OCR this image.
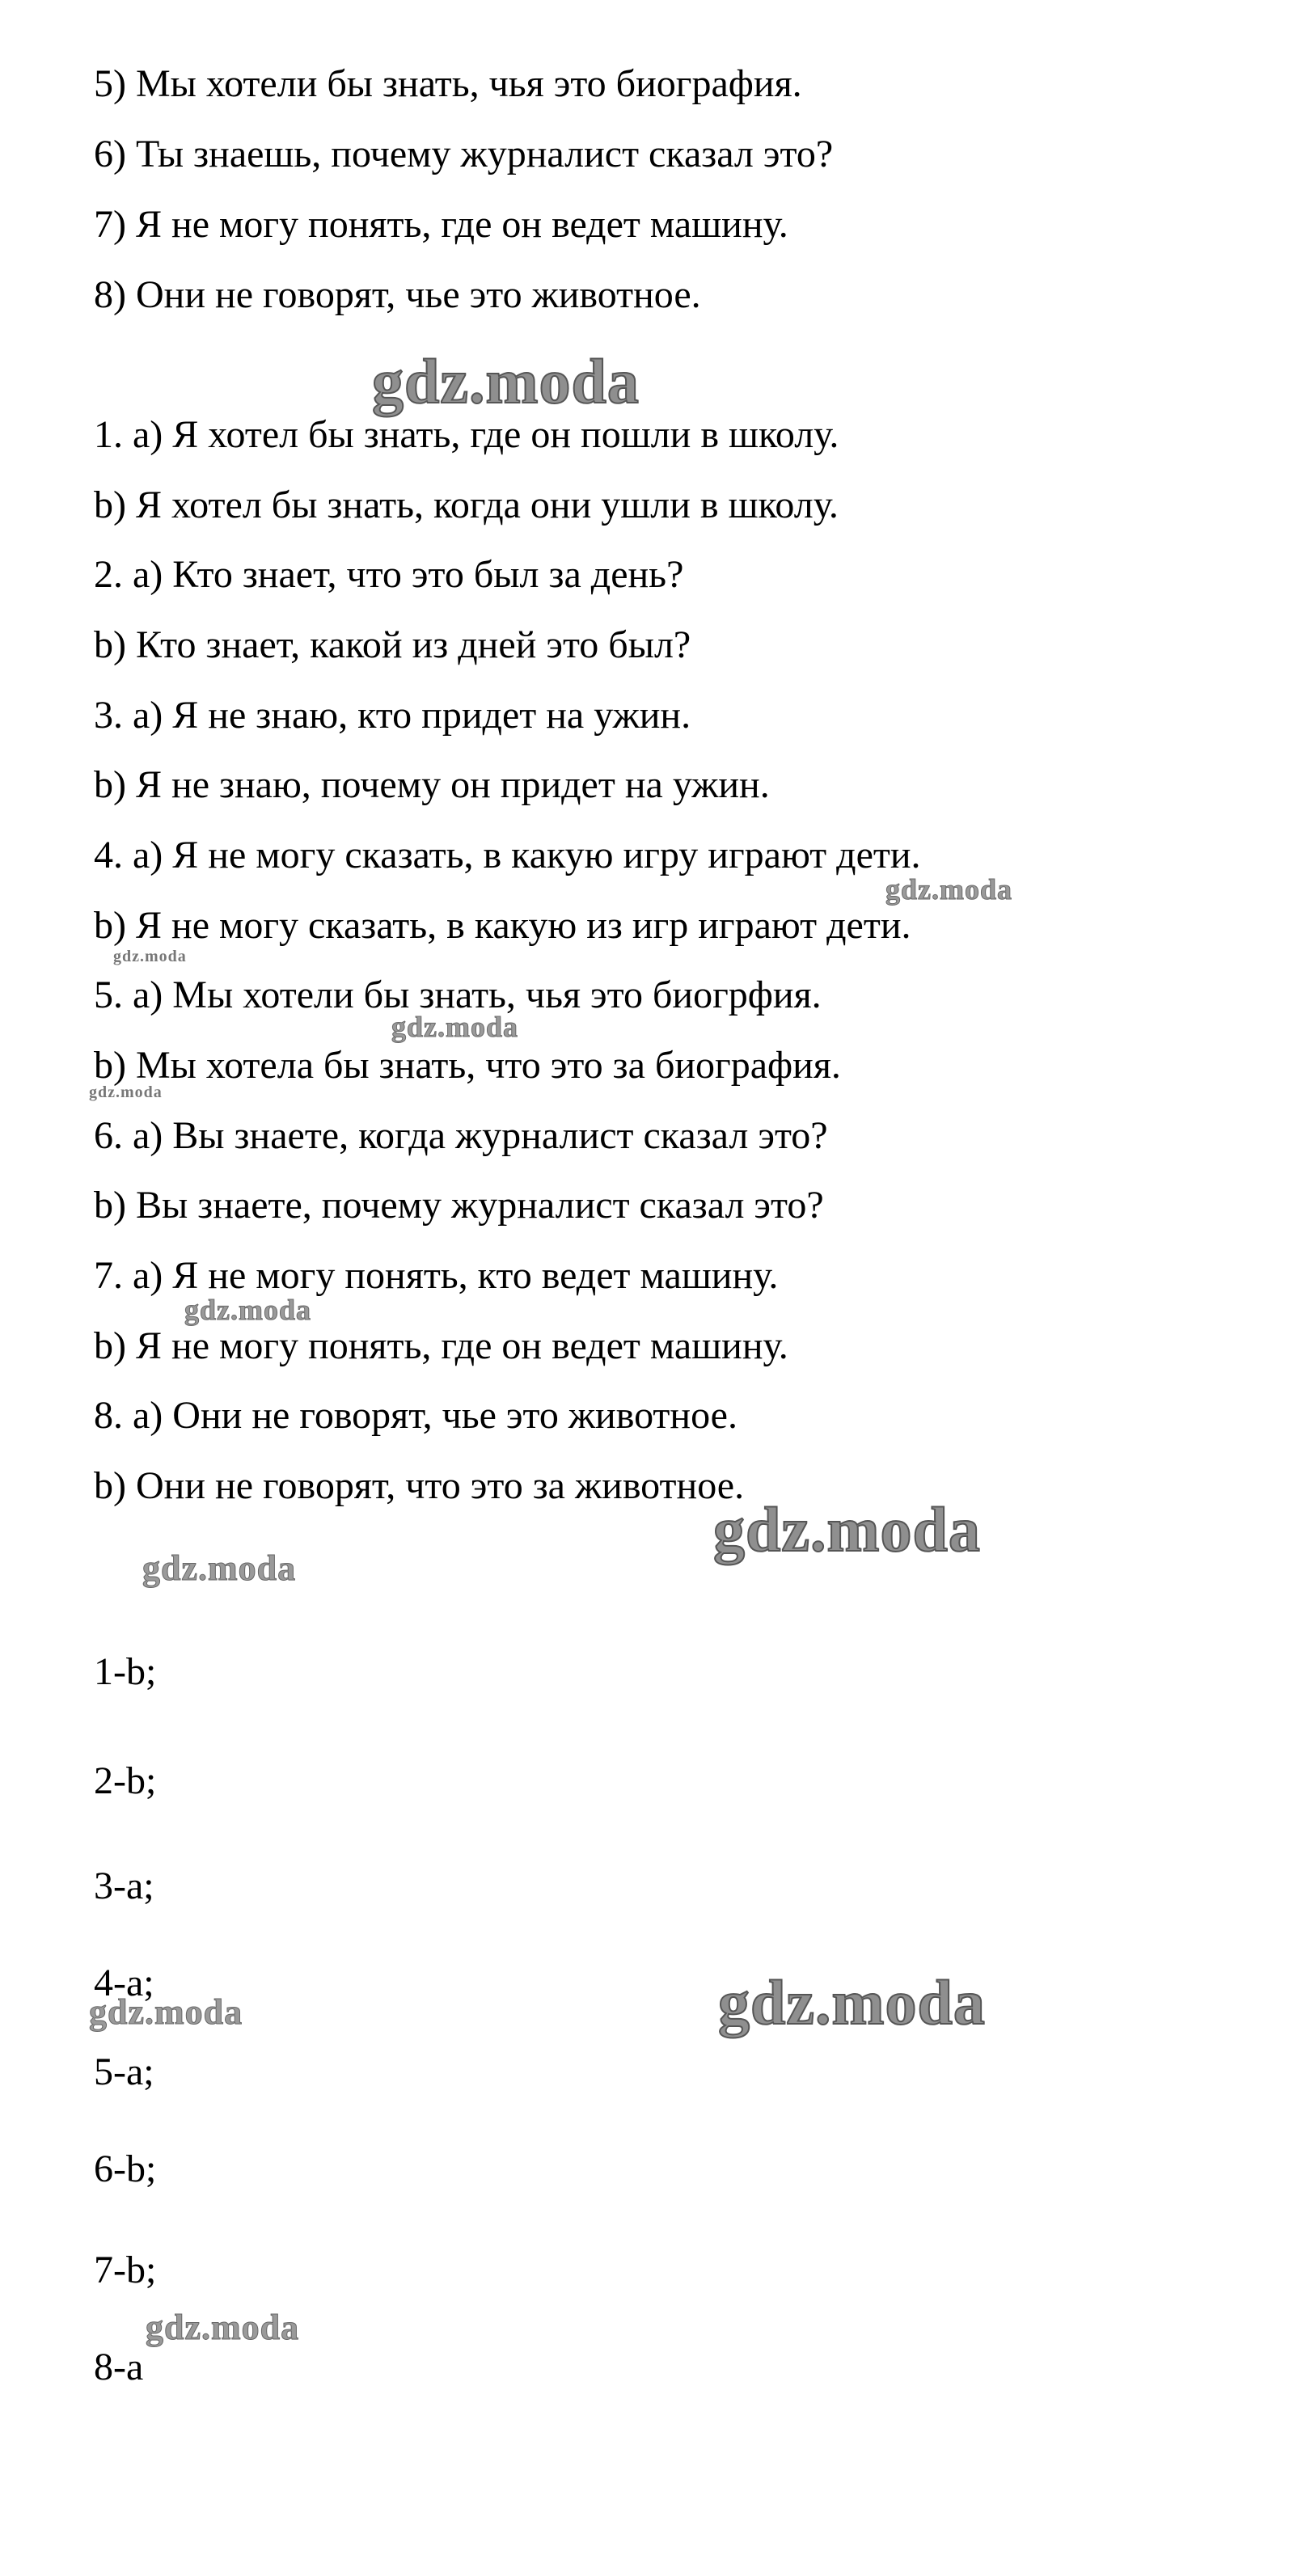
5) Мы хотели бы знать, чья это биография.
6) Ты знаешь, почему журналист сказал это?
7) Я не могу понять, где он ведет машину.
8) Они не говорят, чье это животное.
1. а) Я хотел бы знать, где он пошли в школу.
b) Я хотел бы знать, когда они ушли в школу.
2. а) Кто знает, что это был за день?
b) Кто знает, какой из дней это был?
3. а) Я не знаю, кто придет на ужин.
b) Я не знаю, почему он придет на ужин.
4. а) Я не могу сказать, в какую игру играют дети.
b) Я не могу сказать, в какую из игр играют дети.
5. а) Мы хотели бы знать, чья это биогрфия.
b) Мы хотела бы знать, что это за биография.
6. а) Вы знаете, когда журналист сказал это?
b) Вы знаете, почему журналист сказал это?
7. а) Я не могу понять, кто ведет машину.
b) Я не могу понять, где он ведет машину.
8. а) Они не говорят, чье это животное.
b) Они не говорят, что это за животное.
1-b;
2-b;
3-а;
4-а;
5-а;
6-b;
7-b;
8-а
gdz.moda
gdz.moda
gdz.moda
gdz.moda
gdz.moda
gdz.moda
gdz.moda
gdz.moda
gdz.moda
gdz.moda
gdz.moda
